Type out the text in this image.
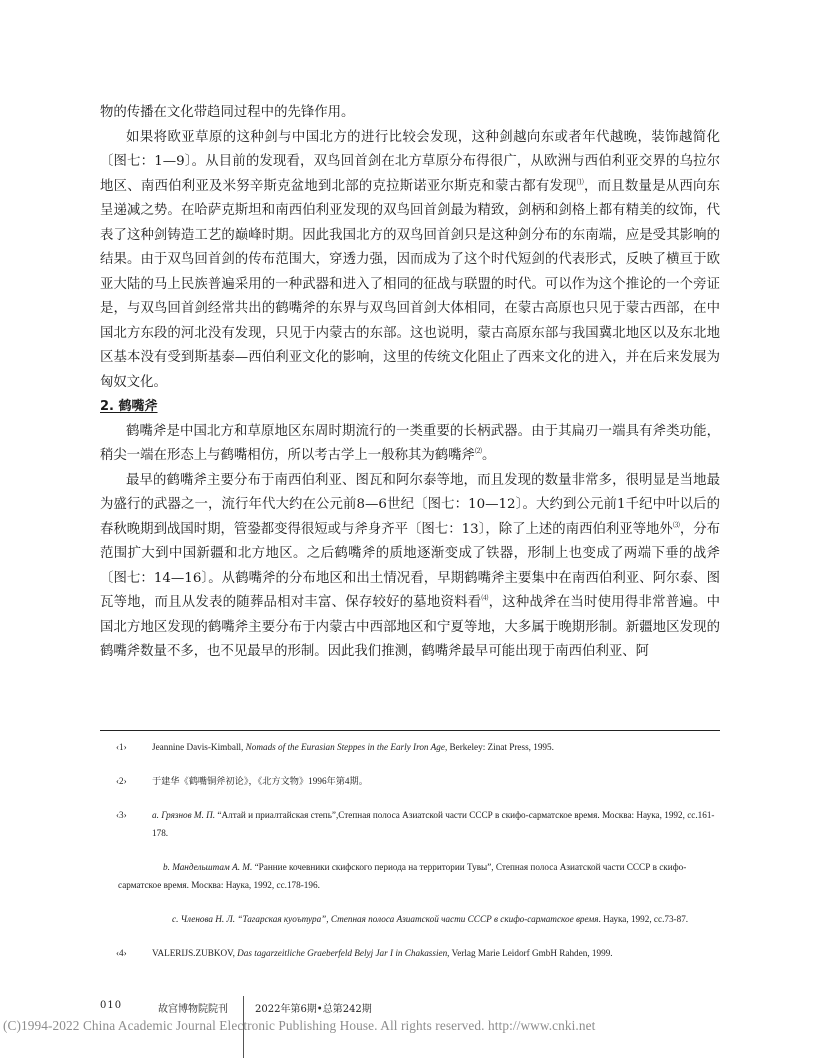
物的传播在文化带趋同过程中的先锋作用。

如果将欧亚草原的这种剑与中国北方的进行比较会发现，这种剑越向东或者年代越晚，装饰越简化〔图七：1—9〕。从目前的发现看，双鸟回首剑在北方草原分布得很广，从欧洲与西伯利亚交界的乌拉尔地区、南西伯利亚及米努辛斯克盆地到北部的克拉斯诺亚尔斯克和蒙古都有发现⑴，而且数量是从西向东呈递减之势。在哈萨克斯坦和南西伯利亚发现的双鸟回首剑最为精致，剑柄和剑格上都有精美的纹饰，代表了这种剑铸造工艺的巅峰时期。因此我国北方的双鸟回首剑只是这种剑分布的东南端，应是受其影响的结果。由于双鸟回首剑的传布范围大，穿透力强，因而成为了这个时代短剑的代表形式，反映了横亘于欧亚大陆的马上民族普遍采用的一种武器和进入了相同的征战与联盟的时代。可以作为这个推论的一个旁证是，与双鸟回首剑经常共出的鹤嘴斧的东界与双鸟回首剑大体相同，在蒙古高原也只见于蒙古西部，在中国北方东段的河北没有发现，只见于内蒙古的东部。这也说明，蒙古高原东部与我国冀北地区以及东北地区基本没有受到斯基泰—西伯利亚文化的影响，这里的传统文化阻止了西来文化的进入，并在后来发展为匈奴文化。

2. 鹤嘴斧

鹤嘴斧是中国北方和草原地区东周时期流行的一类重要的长柄武器。由于其扁刃一端具有斧类功能，稍尖一端在形态上与鹤嘴相仿，所以考古学上一般称其为鹤嘴斧⑵。

最早的鹤嘴斧主要分布于南西伯利亚、图瓦和阿尔泰等地，而且发现的数量非常多，很明显是当地最为盛行的武器之一，流行年代大约在公元前8—6世纪〔图七：10—12〕。大约到公元前1千纪中叶以后的春秋晚期到战国时期，管銎都变得很短或与斧身齐平〔图七：13〕，除了上述的南西伯利亚等地外⑶，分布范围扩大到中国新疆和北方地区。之后鹤嘴斧的质地逐渐变成了铁器，形制上也变成了两端下垂的战斧〔图七：14—16〕。从鹤嘴斧的分布地区和出土情况看，早期鹤嘴斧主要集中在南西伯利亚、阿尔泰、图瓦等地，而且从发表的随葬品相对丰富、保存较好的墓地资料看⑷，这种战斧在当时使用得非常普遍。中国北方地区发现的鹤嘴斧主要分布于内蒙古中西部地区和宁夏等地，大多属于晚期形制。新疆地区发现的鹤嘴斧数量不多，也不见最早的形制。因此我们推测，鹤嘴斧最早可能出现于南西伯利亚、阿

‹1›	Jeannine Davis-Kimball, Nomads of the Eurasian Steppes in the Early Iron Age, Berkeley: Zinat Press, 1995.
‹2›	于建华《鹤嘴铜斧初论》，《北方文物》1996年第4期。
‹3›	a. Грязнов М. П. “Алтай и приалтайская степь”,Степная полоса Азиатской части СССР в скифо-сарматское время. Москва: Наука, 1992, сс.161-178.
b. Мандельштам А. М. “Ранние кочевники скифского периода на территории Тувы”, Степная полоса Азиатской части СССР в скифо-сарматское время. Москва: Наука, 1992, сс.178-196.
c. Членова Н. Л. “Тагарская куоътура”, Степная полоса Азиатской части СССР в скифо-сарматское время. Наука, 1992, сс.73-87.
‹4›	VALERIJS.ZUBKOV, Das tagarzeitliche Graeberfeld Belyj Jar I in Chakassien, Verlag Marie Leidorf GmbH Rahden, 1999.
010	故宫博物院院刊	2022年第6期•总第242期
(C)1994-2022 China Academic Journal Electronic Publishing House. All rights reserved. http://www.cnki.net
